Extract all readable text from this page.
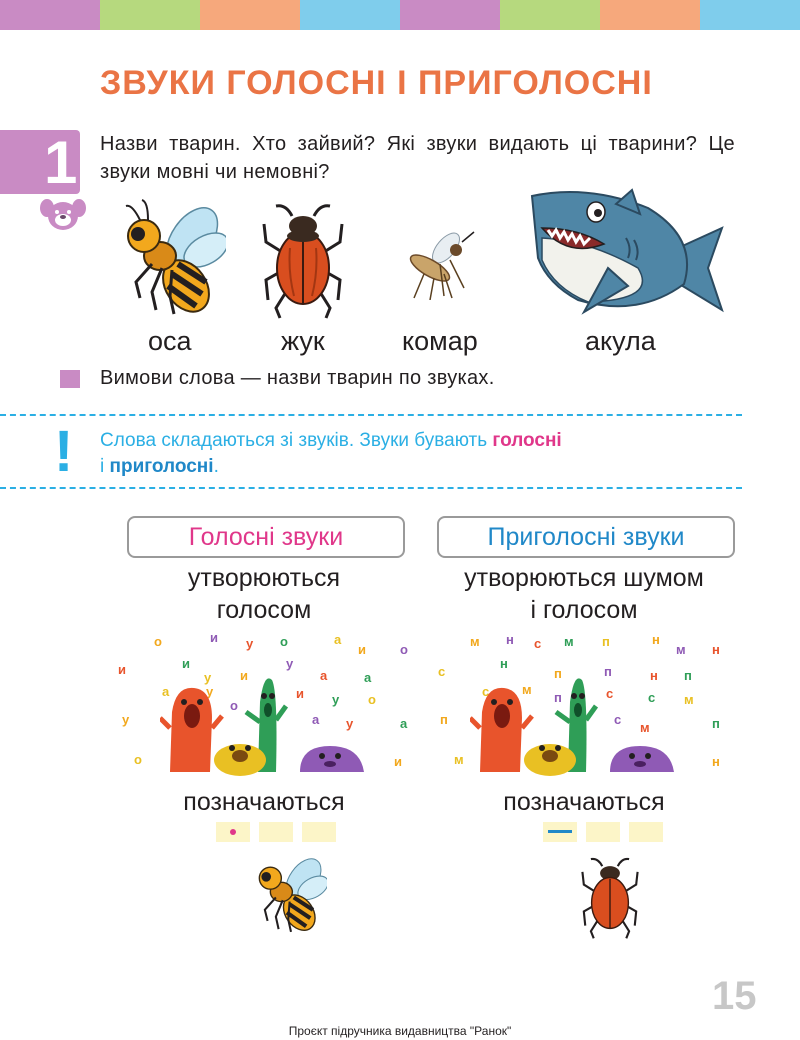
ЗВУКИ ГОЛОСНІ І ПРИГОЛОСНІ
1 Назви тварин. Хто зайвий? Які звуки видають ці тварини? Це звуки мовні чи немовні?
оса	жук	комар	акула
Вимови слова — назви тварин по звуках.
! Слова складаються зі звуків. Звуки бувають голосні
і приголосні.
Голосні звуки
утворюються
голосом
о	и у о	а
и	о
и	и
у и
у
а	а
а	у
о
и у о
у	а у	а
о	и
Приголосні звуки
утворюються шумом
і голосом
м н с м п	н
м н
н
с	п	п	н п
с	м
п	с	с м
п	с
м	п
м	н
позначаються	позначаються
15
Проєкт підручника видавництва "Ранок"
